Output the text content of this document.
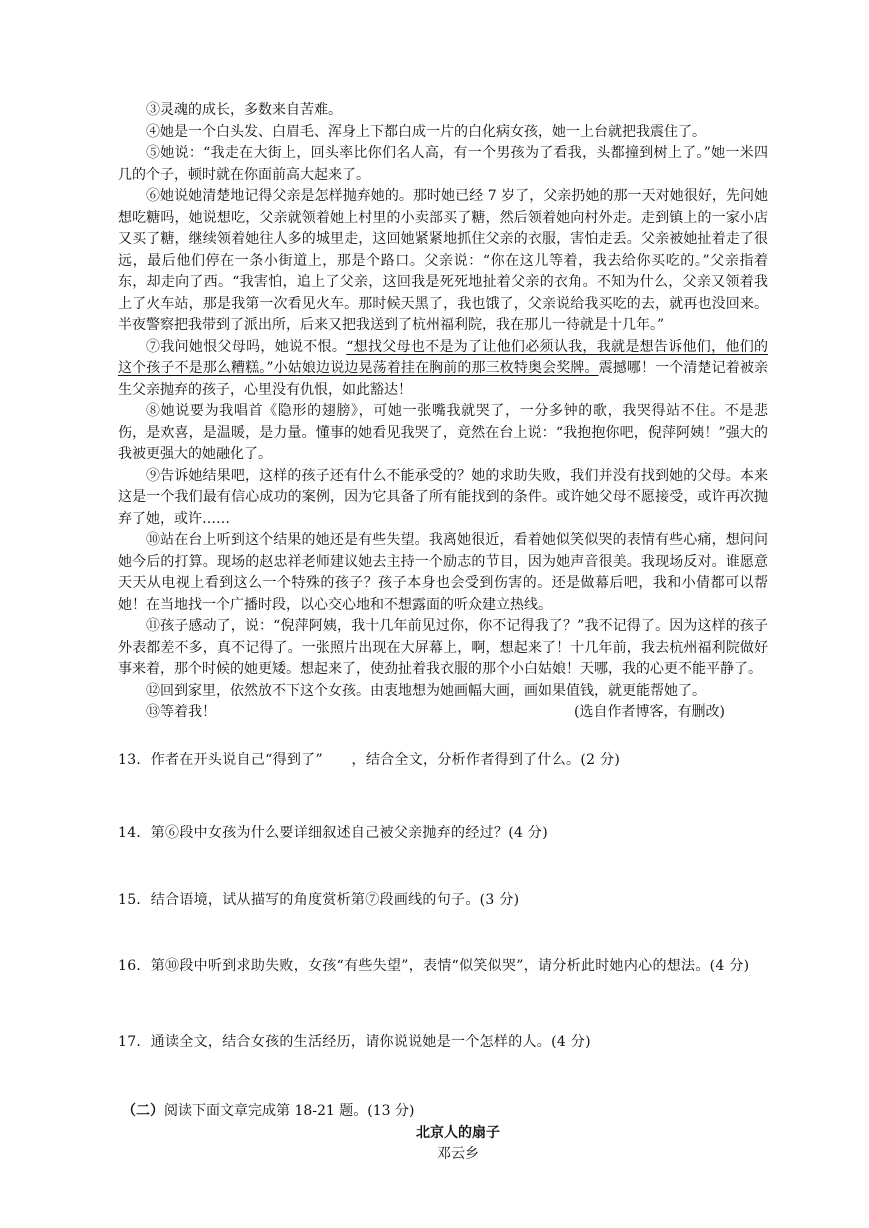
③灵魂的成长，多数来自苦难。

④她是一个白头发、白眉毛、浑身上下都白成一片的白化病女孩，她一上台就把我震住了。

⑤她说：“我走在大街上，回头率比你们名人高，有一个男孩为了看我，头都撞到树上了。”她一米四几的个子，顿时就在你面前高大起来了。

⑥她说她清楚地记得父亲是怎样抛弃她的。那时她已经 7 岁了，父亲扔她的那一天对她很好，先问她想吃糖吗，她说想吃，父亲就领着她上村里的小卖部买了糖，然后领着她向村外走。走到镇上的一家小店又买了糖，继续领着她往人多的城里走，这回她紧紧地抓住父亲的衣服，害怕走丢。父亲被她扯着走了很远，最后他们停在一条小街道上，那是个路口。父亲说：“你在这儿等着，我去给你买吃的。”父亲指着东，却走向了西。“我害怕，追上了父亲，这回我是死死地扯着父亲的衣角。不知为什么，父亲又领着我上了火车站，那是我第一次看见火车。那时候天黑了，我也饿了，父亲说给我买吃的去，就再也没回来。半夜警察把我带到了派出所，后来又把我送到了杭州福利院，我在那儿一待就是十几年。”

⑦我问她恨父母吗，她说不恨。“想找父母也不是为了让他们必须认我，我就是想告诉他们，他们的这个孩子不是那么糟糕。”小姑娘边说边晃荡着挂在胸前的那三枚特奥会奖牌。震撼哪！一个清楚记着被亲生父亲抛弃的孩子，心里没有仇恨，如此豁达！

⑧她说要为我唱首《隐形的翅膀》，可她一张嘴我就哭了，一分多钟的歌，我哭得站不住。不是悲伤，是欢喜，是温暖，是力量。懂事的她看见我哭了，竟然在台上说：“我抱抱你吧，倪萍阿姨！”强大的我被更强大的她融化了。

⑨告诉她结果吧，这样的孩子还有什么不能承受的？她的求助失败，我们并没有找到她的父母。本来这是一个我们最有信心成功的案例，因为它具备了所有能找到的条件。或许她父母不愿接受，或许再次抛弃了她，或许……

⑩站在台上听到这个结果的她还是有些失望。我离她很近，看着她似笑似哭的表情有些心痛，想问问她今后的打算。现场的赵忠祥老师建议她去主持一个励志的节目，因为她声音很美。我现场反对。谁愿意天天从电视上看到这么一个特殊的孩子？孩子本身也会受到伤害的。还是做幕后吧，我和小倩都可以帮她！在当地找一个广播时段，以心交心地和不想露面的听众建立热线。

⑪孩子感动了，说：“倪萍阿姨，我十几年前见过你，你不记得我了？”我不记得了。因为这样的孩子外表都差不多，真不记得了。一张照片出现在大屏幕上，啊，想起来了！十几年前，我去杭州福利院做好事来着，那个时候的她更矮。想起来了，使劲扯着我衣服的那个小白姑娘！天哪，我的心更不能平静了。

⑫回到家里，依然放不下这个女孩。由衷地想为她画幅大画，画如果值钱，就更能帮她了。

⑬等着我！	(选自作者博客，有删改)

13．作者在开头说自己“得到了”　　，结合全文，分析作者得到了什么。(2 分)

14．第⑥段中女孩为什么要详细叙述自己被父亲抛弃的经过？(4 分)

15．结合语境，试从描写的角度赏析第⑦段画线的句子。(3 分)

16．第⑩段中听到求助失败，女孩“有些失望”，表情“似笑似哭”，请分析此时她内心的想法。(4 分)

17．通读全文，结合女孩的生活经历，请你说说她是一个怎样的人。(4 分)

（二）阅读下面文章完成第 18-21 题。(13 分)

北京人的扇子

邓云乡
